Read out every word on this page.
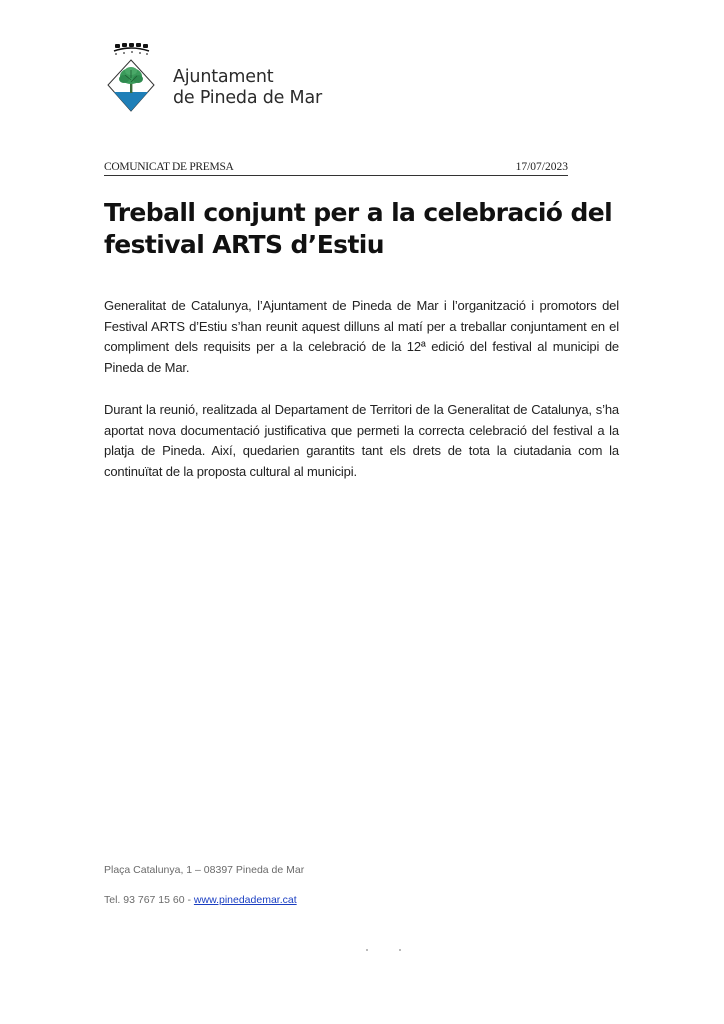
Ajuntament
de Pineda de Mar
COMUNICAT DE PREMSA	17/07/2023
Treball conjunt per a la celebració del festival ARTS d’Estiu

Generalitat de Catalunya, l’Ajuntament de Pineda de Mar i l’organització i promotors del Festival ARTS d’Estiu s’han reunit aquest dilluns al matí per a treballar conjuntament en el compliment dels requisits per a la celebració de la 12ª edició del festival al municipi de Pineda de Mar.

Durant la reunió, realitzada al Departament de Territori de la Generalitat de Catalunya, s’ha aportat nova documentació justificativa que permeti la correcta celebració del festival a la platja de Pineda. Així, quedarien garantits tant els drets de tota la ciutadania com la continuïtat de la proposta cultural al municipi.

Plaça Catalunya, 1 – 08397 Pineda de Mar
Tel. 93 767 15 60 - www.pinedademar.cat
